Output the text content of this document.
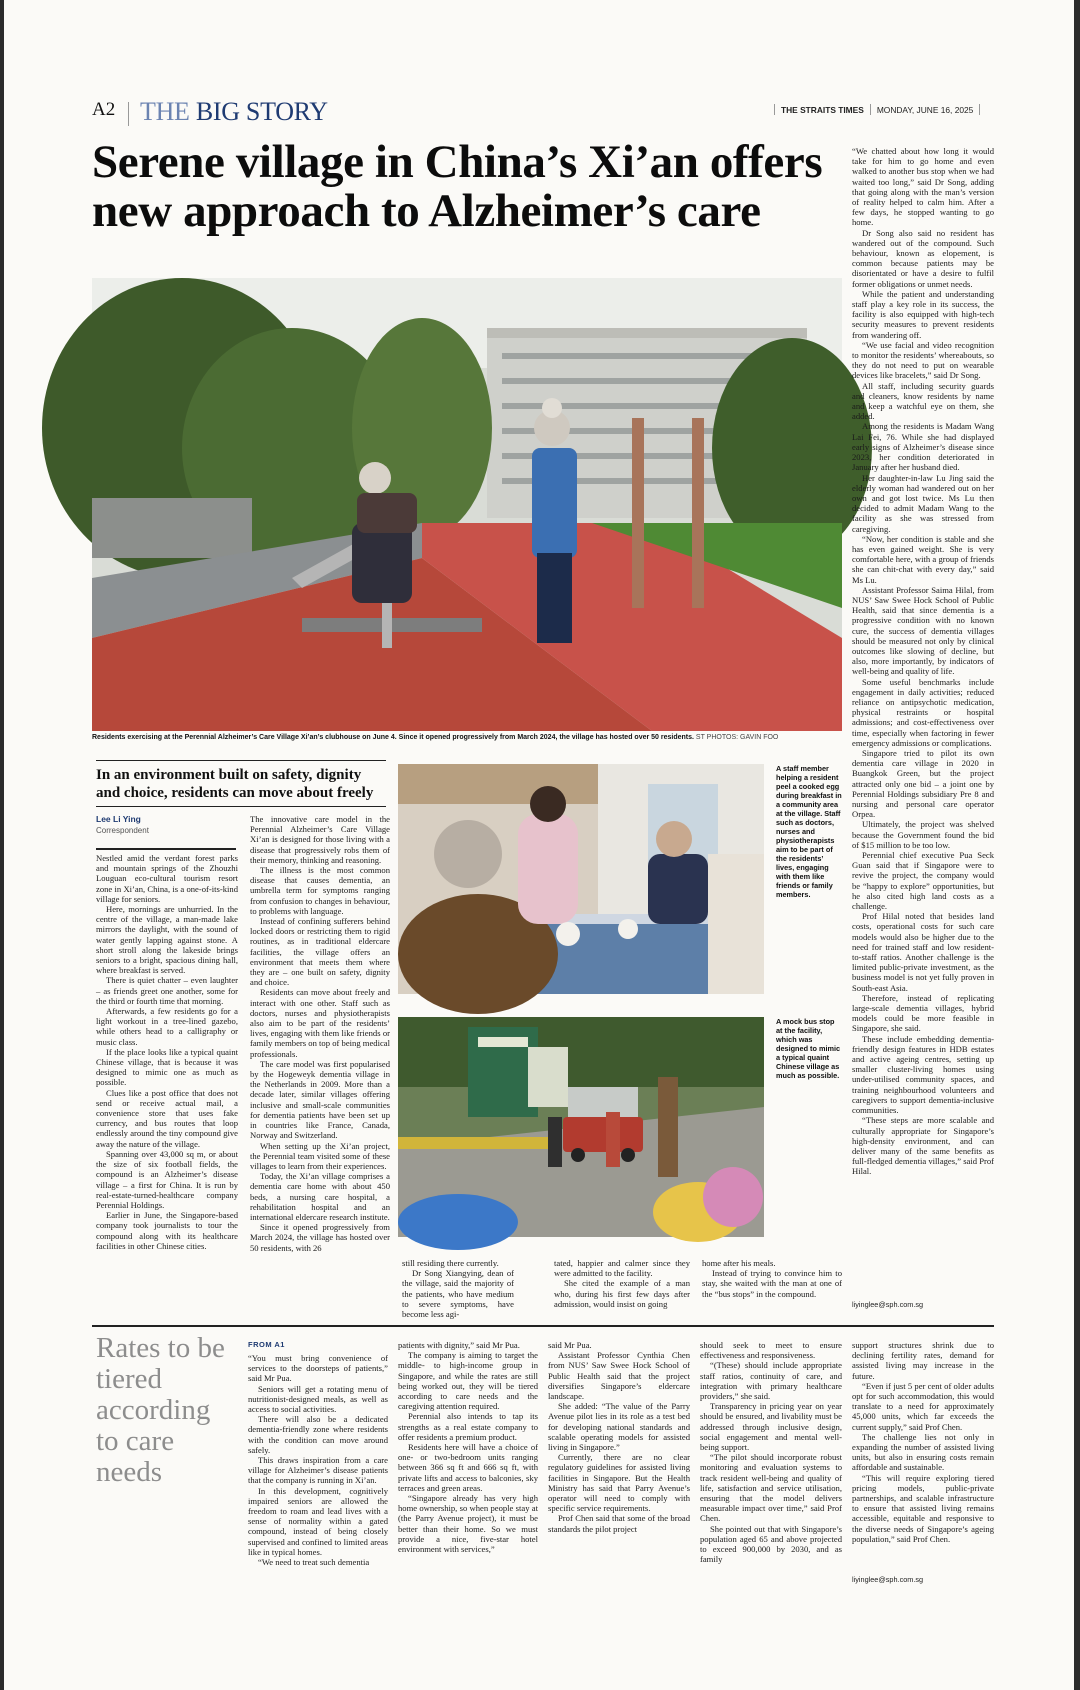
A2 THE BIG STORY	THE STRAITS TIMES MONDAY, JUNE 16, 2025
Serene village in China’s Xi’an offers new approach to Alzheimer’s care
Residents exercising at the Perennial Alzheimer’s Care Village Xi’an’s clubhouse on June 4. Since it opened progressively from March 2024, the village has hosted over 50 residents. ST PHOTOS: GAVIN FOO
In an environment built on safety, dignity and choice, residents can move about freely
Lee Li Ying
Correspondent

Nestled amid the verdant forest parks and mountain springs of the Zhouzhi Louguan eco-cultural tourism resort zone in Xi’an, China, is a one-of-its-kind village for seniors.

Here, mornings are unhurried. In the centre of the village, a man-made lake mirrors the daylight, with the sound of water gently lapping against stone. A short stroll along the lakeside brings seniors to a bright, spacious dining hall, where breakfast is served.

There is quiet chatter – even laughter – as friends greet one another, some for the third or fourth time that morning.

Afterwards, a few residents go for a light workout in a tree-lined gazebo, while others head to a calligraphy or music class.

If the place looks like a typical quaint Chinese village, that is because it was designed to mimic one as much as possible.

Clues like a post office that does not send or receive actual mail, a convenience store that uses fake currency, and bus routes that loop endlessly around the tiny compound give away the nature of the village.

Spanning over 43,000 sq m, or about the size of six football fields, the compound is an Alzheimer’s disease village – a first for China. It is run by real-estate-turned-healthcare company Perennial Holdings.

Earlier in June, the Singapore-based company took journalists to tour the compound along with its healthcare facilities in other Chinese cities.

The innovative care model in the Perennial Alzheimer’s Care Village Xi’an is designed for those living with a disease that progressively robs them of their memory, thinking and reasoning.

The illness is the most common disease that causes dementia, an umbrella term for symptoms ranging from confusion to changes in behaviour, to problems with language.

Instead of confining sufferers behind locked doors or restricting them to rigid routines, as in traditional eldercare facilities, the village offers an environment that meets them where they are – one built on safety, dignity and choice.

Residents can move about freely and interact with one other. Staff such as doctors, nurses and physiotherapists also aim to be part of the residents’ lives, engaging with them like friends or family members on top of being medical professionals.

The care model was first popularised by the Hogeweyk dementia village in the Netherlands in 2009. More than a decade later, similar villages offering inclusive and small-scale communities for dementia patients have been set up in countries like France, Canada, Norway and Switzerland.

When setting up the Xi’an project, the Perennial team visited some of these villages to learn from their experiences.

Today, the Xi’an village comprises a dementia care home with about 450 beds, a nursing care hospital, a rehabilitation hospital and an international eldercare research institute.

Since it opened progressively from March 2024, the village has hosted over 50 residents, with 26

A staff member helping a resident peel a cooked egg during breakfast in a community area at the village. Staff such as doctors, nurses and physiotherapists aim to be part of the residents’ lives, engaging with them like friends or family members.
A mock bus stop at the facility, which was designed to mimic a typical quaint Chinese village as much as possible.

still residing there currently.

Dr Song Xiangying, dean of the village, said the majority of the patients, who have medium to severe symptoms, have become less agi-

tated, happier and calmer since they were admitted to the facility.

She cited the example of a man who, during his first few days after admission, would insist on going

home after his meals.

Instead of trying to convince him to stay, she waited with the man at one of the “bus stops” in the compound.

“We chatted about how long it would take for him to go home and even walked to another bus stop when we had waited too long,” said Dr Song, adding that going along with the man’s version of reality helped to calm him. After a few days, he stopped wanting to go home.

Dr Song also said no resident has wandered out of the compound. Such behaviour, known as elopement, is common because patients may be disorientated or have a desire to fulfil former obligations or unmet needs.

While the patient and understanding staff play a key role in its success, the facility is also equipped with high-tech security measures to prevent residents from wandering off.

“We use facial and video recognition to monitor the residents’ whereabouts, so they do not need to put on wearable devices like bracelets,” said Dr Song.

All staff, including security guards and cleaners, know residents by name and keep a watchful eye on them, she added.

Among the residents is Madam Wang Lai Fei, 76. While she had displayed early signs of Alzheimer’s disease since 2023, her condition deteriorated in January after her husband died.

Her daughter-in-law Lu Jing said the elderly woman had wandered out on her own and got lost twice. Ms Lu then decided to admit Madam Wang to the facility as she was stressed from caregiving.

“Now, her condition is stable and she has even gained weight. She is very comfortable here, with a group of friends she can chit-chat with every day,” said Ms Lu.

Assistant Professor Saima Hilal, from NUS’ Saw Swee Hock School of Public Health, said that since dementia is a progressive condition with no known cure, the success of dementia villages should be measured not only by clinical outcomes like slowing of decline, but also, more importantly, by indicators of well-being and quality of life.

Some useful benchmarks include engagement in daily activities; reduced reliance on antipsychotic medication, physical restraints or hospital admissions; and cost-effectiveness over time, especially when factoring in fewer emergency admissions or complications.

Singapore tried to pilot its own dementia care village in 2020 in Buangkok Green, but the project attracted only one bid – a joint one by Perennial Holdings subsidiary Pre 8 and nursing and personal care operator Orpea.

Ultimately, the project was shelved because the Government found the bid of $15 million to be too low.

Perennial chief executive Pua Seck Guan said that if Singapore were to revive the project, the company would be “happy to explore” opportunities, but he also cited high land costs as a challenge.

Prof Hilal noted that besides land costs, operational costs for such care models would also be higher due to the need for trained staff and low resident-to-staff ratios. Another challenge is the limited public-private investment, as the business model is not yet fully proven in South-east Asia.

Therefore, instead of replicating large-scale dementia villages, hybrid models could be more feasible in Singapore, she said.

These include embedding dementia-friendly design features in HDB estates and active ageing centres, setting up smaller cluster-living homes using under-utilised community spaces, and training neighbourhood volunteers and caregivers to support dementia-inclusive communities.

“These steps are more scalable and culturally appropriate for Singapore’s high-density environment, and can deliver many of the same benefits as full-fledged dementia villages,” said Prof Hilal.

liyinglee@sph.com.sg
Rates to be tiered according to care needs
FROM A1

“You must bring convenience of services to the doorsteps of patients,” said Mr Pua.

Seniors will get a rotating menu of nutritionist-designed meals, as well as access to social activities.

There will also be a dedicated dementia-friendly zone where residents with the condition can move around safely.

This draws inspiration from a care village for Alzheimer’s disease patients that the company is running in Xi’an.

In this development, cognitively impaired seniors are allowed the freedom to roam and lead lives with a sense of normality within a gated compound, instead of being closely supervised and confined to limited areas like in typical homes.

“We need to treat such dementia

patients with dignity,” said Mr Pua.

The company is aiming to target the middle- to high-income group in Singapore, and while the rates are still being worked out, they will be tiered according to care needs and the caregiving attention required.

Perennial also intends to tap its strengths as a real estate company to offer residents a premium product.

Residents here will have a choice of one- or two-bedroom units ranging between 366 sq ft and 666 sq ft, with private lifts and access to balconies, sky terraces and green areas.

“Singapore already has very high home ownership, so when people stay at (the Parry Avenue project), it must be better than their home. So we must provide a nice, five-star hotel environment with services,”

said Mr Pua.

Assistant Professor Cynthia Chen from NUS’ Saw Swee Hock School of Public Health said that the project diversifies Singapore’s eldercare landscape.

She added: “The value of the Parry Avenue pilot lies in its role as a test bed for developing national standards and scalable operating models for assisted living in Singapore.”

Currently, there are no clear regulatory guidelines for assisted living facilities in Singapore. But the Health Ministry has said that Parry Avenue’s operator will need to comply with specific service requirements.

Prof Chen said that some of the broad standards the pilot project

should seek to meet to ensure effectiveness and responsiveness.

“(These) should include appropriate staff ratios, continuity of care, and integration with primary healthcare providers,” she said.

Transparency in pricing year on year should be ensured, and livability must be addressed through inclusive design, social engagement and mental well-being support.

“The pilot should incorporate robust monitoring and evaluation systems to track resident well-being and quality of life, satisfaction and service utilisation, ensuring that the model delivers measurable impact over time,” said Prof Chen.

She pointed out that with Singapore’s population aged 65 and above projected to exceed 900,000 by 2030, and as family

support structures shrink due to declining fertility rates, demand for assisted living may increase in the future.

“Even if just 5 per cent of older adults opt for such accommodation, this would translate to a need for approximately 45,000 units, which far exceeds the current supply,” said Prof Chen.

The challenge lies not only in expanding the number of assisted living units, but also in ensuring costs remain affordable and sustainable.

“This will require exploring tiered pricing models, public-private partnerships, and scalable infrastructure to ensure that assisted living remains accessible, equitable and responsive to the diverse needs of Singapore’s ageing population,” said Prof Chen.

liyinglee@sph.com.sg
